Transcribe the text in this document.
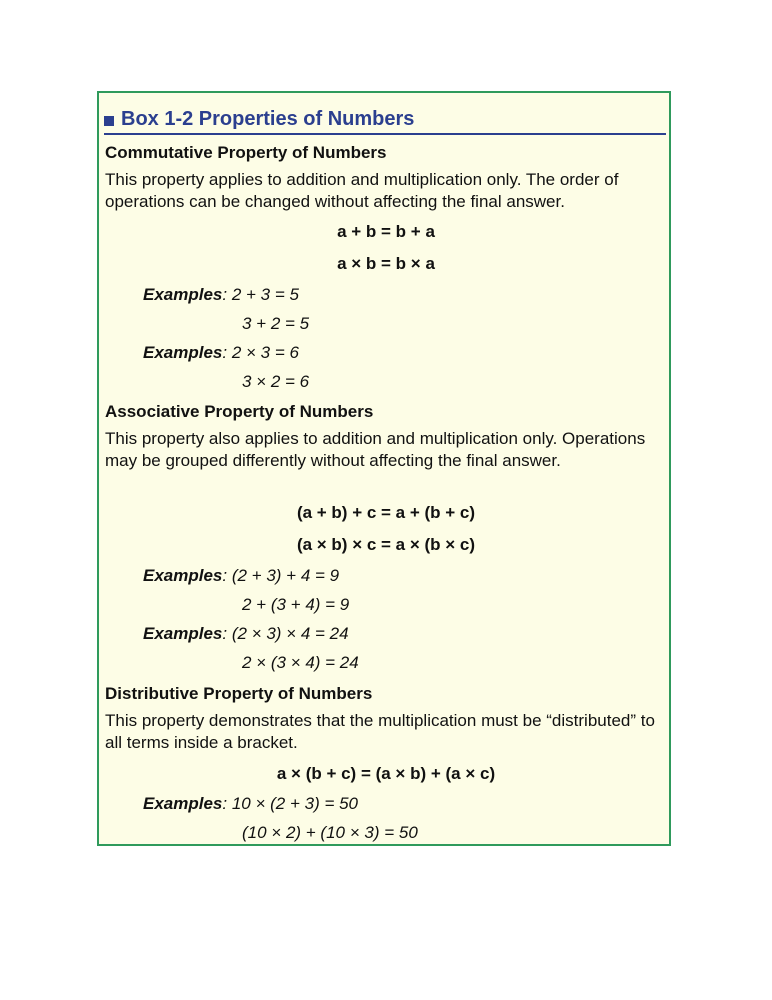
Box 1-2 Properties of Numbers
Commutative Property of Numbers
This property applies to addition and multiplication only. The order of operations can be changed without affecting the final answer.
a + b = b + a
a × b = b × a
Examples: 2 + 3 = 5
3 + 2 = 5
Examples: 2 × 3 = 6
3 × 2 = 6
Associative Property of Numbers
This property also applies to addition and multiplication only. Operations may be grouped differently without affecting the final answer.
(a + b) + c = a + (b + c)
(a × b) × c = a × (b × c)
Examples: (2 + 3) + 4 = 9
2 + (3 + 4) = 9
Examples: (2 × 3) × 4 = 24
2 × (3 × 4) = 24
Distributive Property of Numbers
This property demonstrates that the multiplication must be “distributed” to all terms inside a bracket.
a × (b + c) = (a × b) + (a × c)
Examples: 10 × (2 + 3) = 50
(10 × 2) + (10 × 3) = 50
